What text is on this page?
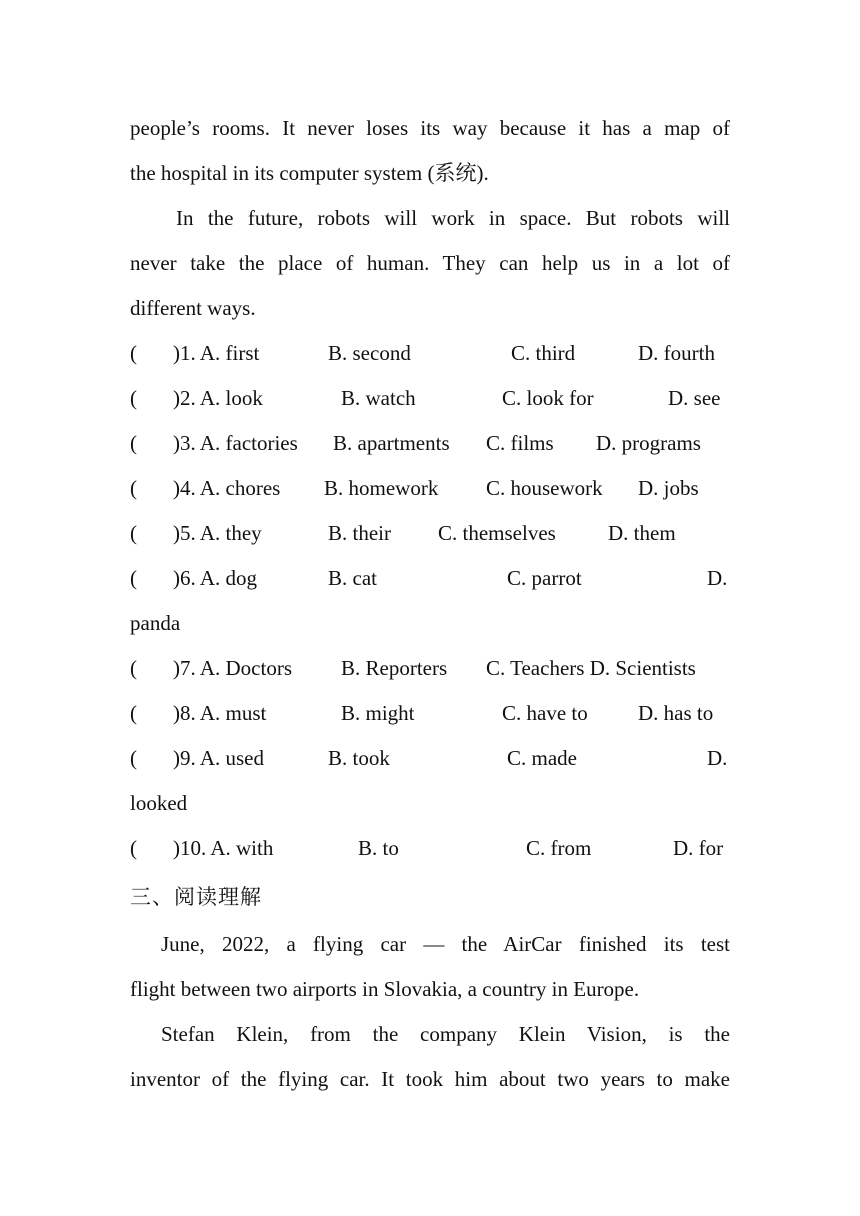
people’s rooms. It never loses its way because it has a map of
the hospital in its computer system (系统).
In the future, robots will work in space. But robots will
never take the place of human. They can help us in a lot of
different ways.
( )1. A. first	B. second	C. third	D. fourth
( )2. A. look	B. watch	C. look for	D. see
( )3. A. factories B. apartments C. films D. programs
( )4. A. chores B. homework C. housework D. jobs
( )5. A. they	B. their C. themselves D. them
( )6. A. dog	B. cat	C. parrot	D.
panda
( )7. A. Doctors B. Reporters C. Teachers D. Scientists
( )8. A. must	B. might	C. have to D. has to
( )9. A. used	B. took	C. made	D.
looked
( )10. A. with	B. to	C. from	D. for
三、阅读理解
June, 2022, a flying car — the AirCar finished its test
flight between two airports in Slovakia, a country in Europe.
Stefan Klein, from the company Klein Vision, is the
inventor of the flying car. It took him about two years to make
